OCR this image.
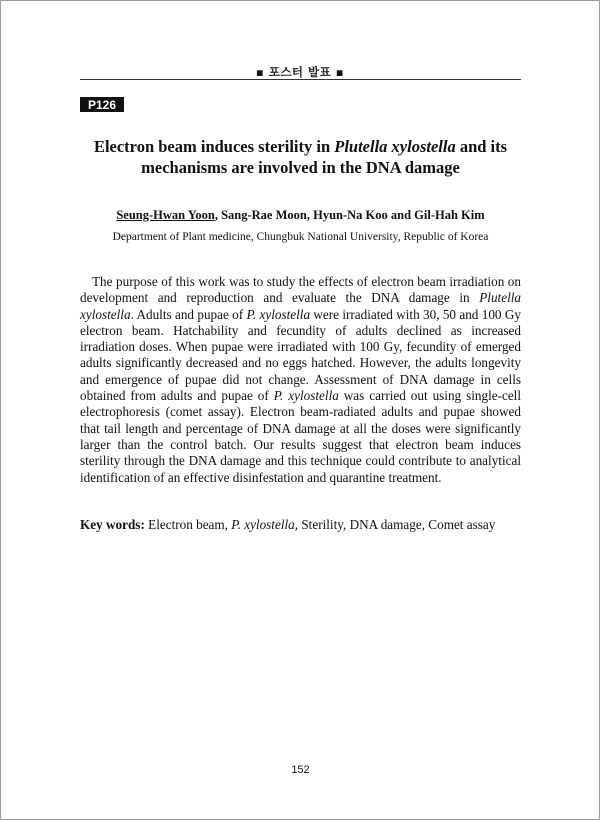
▪ 포스터 발표 ▪
P126
Electron beam induces sterility in Plutella xylostella and its mechanisms are involved in the DNA damage
Seung-Hwan Yoon, Sang-Rae Moon, Hyun-Na Koo and Gil-Hah Kim
Department of Plant medicine, Chungbuk National University, Republic of Korea

The purpose of this work was to study the effects of electron beam irradiation on development and reproduction and evaluate the DNA damage in Plutella xylostella. Adults and pupae of P. xylostella were irradiated with 30, 50 and 100 Gy electron beam. Hatchability and fecundity of adults declined as increased irradiation doses. When pupae were irradiated with 100 Gy, fecundity of emerged adults significantly decreased and no eggs hatched. However, the adults longevity and emergence of pupae did not change. Assessment of DNA damage in cells obtained from adults and pupae of P. xylostella was carried out using single-cell electrophoresis (comet assay). Electron beam-radiated adults and pupae showed that tail length and percentage of DNA damage at all the doses were significantly larger than the control batch. Our results suggest that electron beam induces sterility through the DNA damage and this technique could contribute to analytical identification of an effective disinfestation and quarantine treatment.

Key words: Electron beam, P. xylostella, Sterility, DNA damage, Comet assay

152
